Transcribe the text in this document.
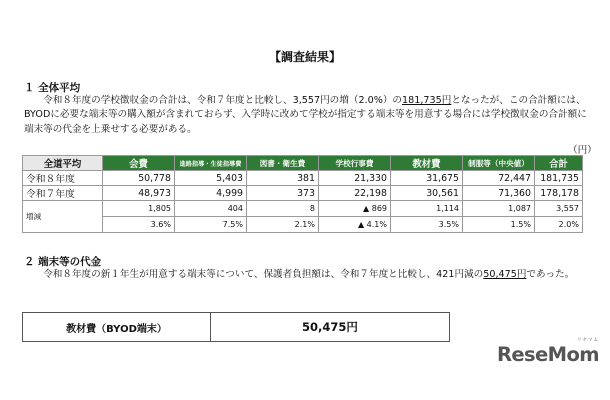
【調査結果】
１ 全体平均
令和８年度の学校徴収金の合計は、令和７年度と比較し、3,557円の増（2.0%）の181,735円となったが、この合計額には、BYODに必要な端末等の購入額が含まれておらず、入学時に改めて学校が指定する端末等を用意する場合には学校徴収金の合計額に端末等の代金を上乗せする必要がある。
（円）
全道平均	会費	進路指導・生徒指導費	図書・衛生費	学校行事費	教材費	制服等（中央値）	合計
令和８年度	50,778	5,403	381	21,330	31,675	72,447	181,735
令和７年度	48,973	4,999	373	22,198	30,561	71,360	178,178
増減	1,805	404	8	▲ 869	1,114	1,087	3,557
	3.6%	7.5%	2.1%	▲ 4.1%	3.5%	1.5%	2.0%
２ 端末等の代金
令和８年度の新１年生が用意する端末等について、保護者負担額は、令和７年度と比較し、421円減の50,475円であった。
教材費（BYOD端末）	50,475円
リセマム
ReseMom
